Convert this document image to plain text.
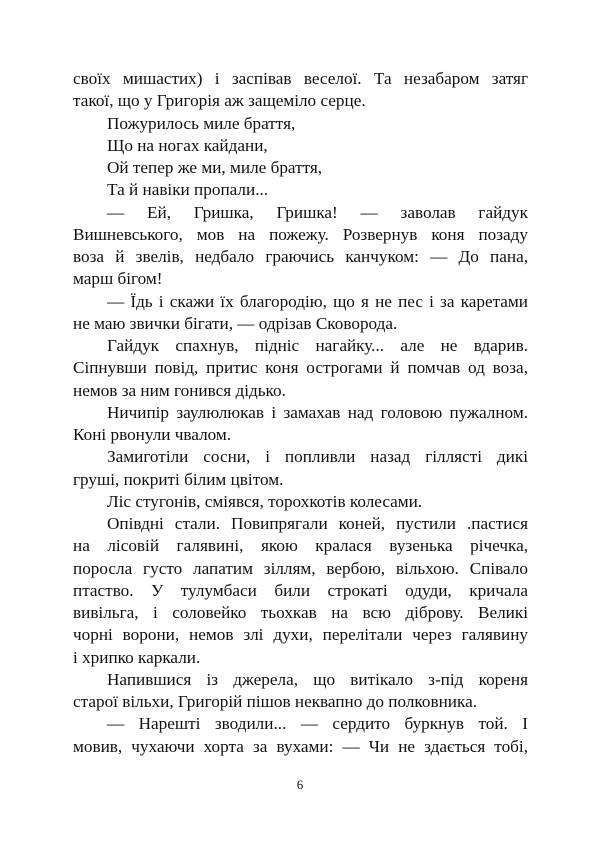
своїх мишастих) і заспівав веселої. Та незабаром затяг
такої, що у Григорія аж защеміло серце.
Пожурилось миле браття,
Що на ногах кайдани,
Ой тепер же ми, миле браття,
Та й навіки пропали...
— Ей, Гришка, Гришка! — заволав гайдук
Вишневського, мов на пожежу. Розвернув коня позаду
воза й звелів, недбало граючись канчуком: — До пана,
марш бігом!
— Їдь і скажи їх благородію, що я не пес і за каретами
не маю звички бігати, — одрізав Сковорода.
Гайдук спахнув, підніс нагайку... але не вдарив.
Сіпнувши повід, притис коня острогами й помчав од воза,
немов за ним гонився дідько.
Ничипір заулюлюкав і замахав над головою пужалном.
Коні рвонули чвалом.
Замиготіли сосни, і попливли назад гіллясті дикі
груші, покриті білим цвітом.
Ліс стугонів, сміявся, торохкотів колесами.
Опівдні стали. Повипрягали коней, пустили .пастися
на лісовій галявині, якою кралася вузенька річечка,
поросла густо лапатим зіллям, вербою, вільхою. Співало
птаство. У тулумбаси били строкаті одуди, кричала
вивільга, і соловейко тьохкав на всю діброву. Великі
чорні ворони, немов злі духи, перелітали через галявину
і хрипко каркали.
Напившися із джерела, що витікало з-під кореня
старої вільхи, Григорій пішов неквапно до полковника.
— Нарешті зводили... — сердито буркнув той. І
мовив, чухаючи хорта за вухами: — Чи не здається тобі,
6
